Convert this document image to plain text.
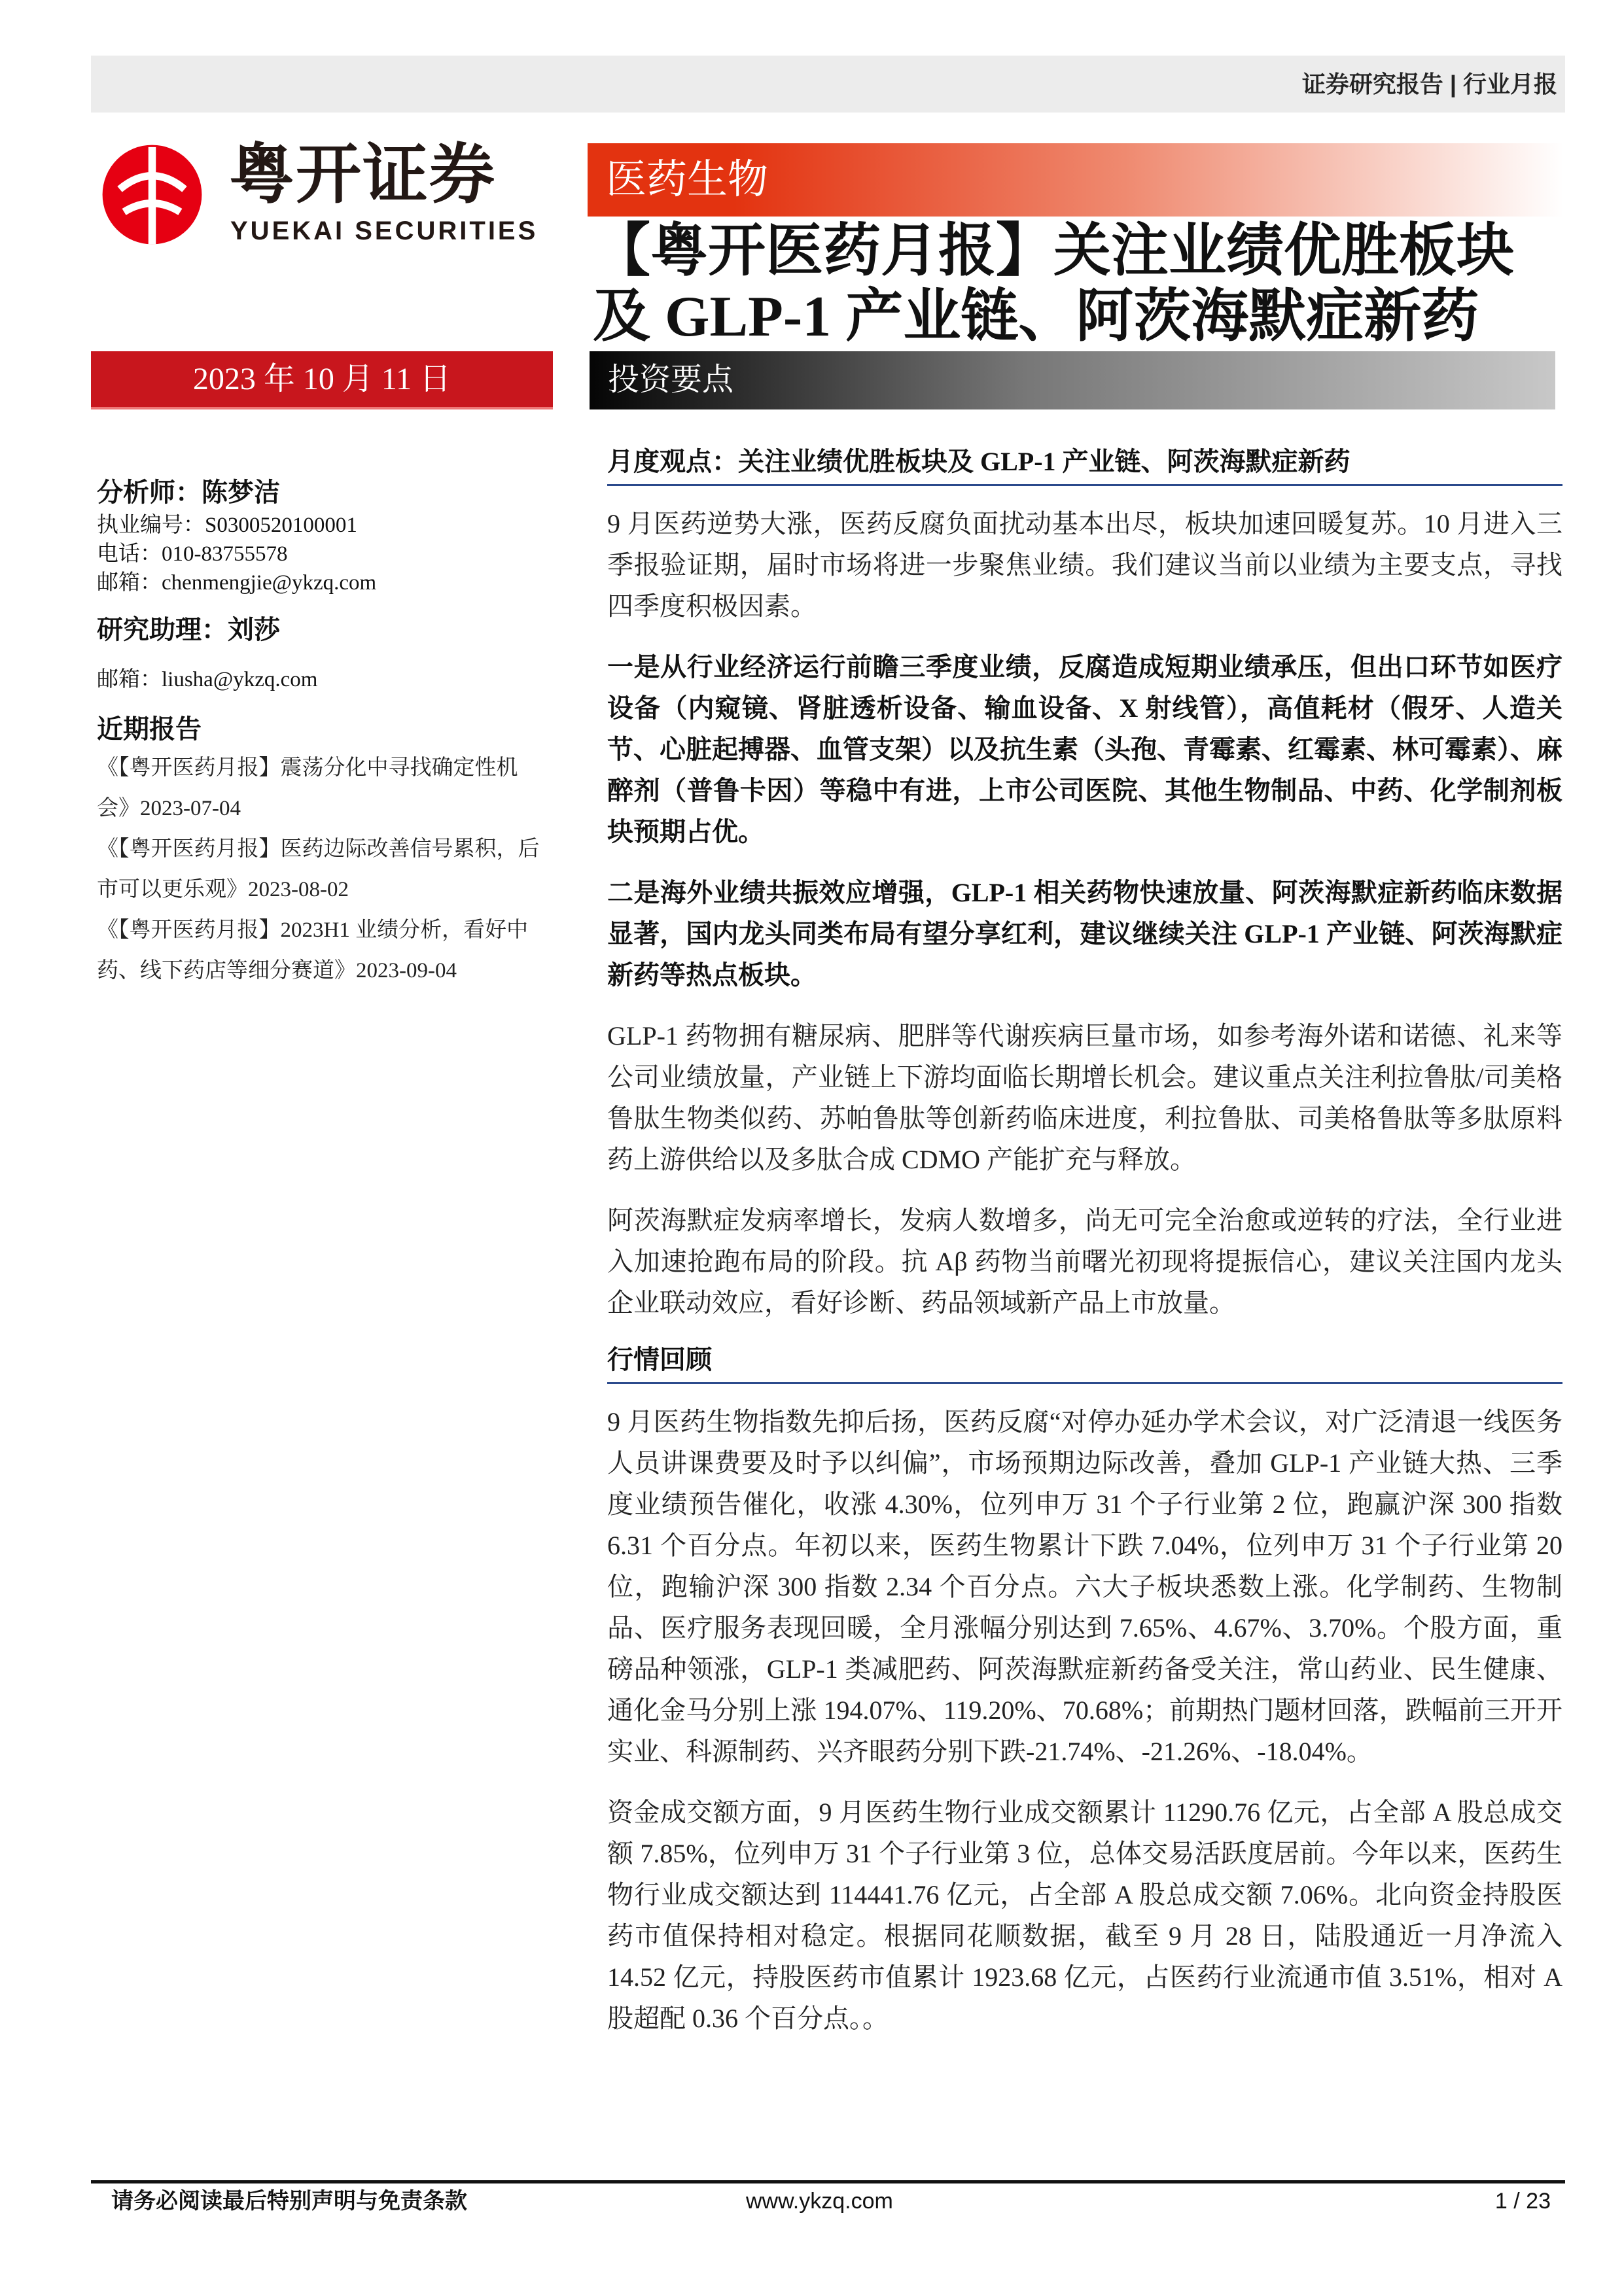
证券研究报告 | 行业月报
粤开证券
YUEKAI SECURITIES
医药生物
【粤开医药月报】关注业绩优胜板块及 GLP-1 产业链、阿茨海默症新药
2023 年 10 月 11 日	投资要点
分析师：陈梦洁
执业编号：S0300520100001
电话：010-83755578
邮箱：chenmengjie@ykzq.com
研究助理：刘莎
邮箱：liusha@ykzq.com
近期报告
《【粤开医药月报】震荡分化中寻找确定性机会》2023-07-04
《【粤开医药月报】医药边际改善信号累积，后市可以更乐观》2023-08-02
《【粤开医药月报】2023H1 业绩分析，看好中药、线下药店等细分赛道》2023-09-04
月度观点：关注业绩优胜板块及 GLP-1 产业链、阿茨海默症新药
9 月医药逆势大涨，医药反腐负面扰动基本出尽，板块加速回暖复苏。10 月进入三季报验证期，届时市场将进一步聚焦业绩。我们建议当前以业绩为主要支点，寻找四季度积极因素。
一是从行业经济运行前瞻三季度业绩，反腐造成短期业绩承压，但出口环节如医疗设备（内窥镜、肾脏透析设备、输血设备、X 射线管），高值耗材（假牙、人造关节、心脏起搏器、血管支架）以及抗生素（头孢、青霉素、红霉素、林可霉素）、麻醉剂（普鲁卡因）等稳中有进，上市公司医院、其他生物制品、中药、化学制剂板块预期占优。
二是海外业绩共振效应增强，GLP-1 相关药物快速放量、阿茨海默症新药临床数据显著，国内龙头同类布局有望分享红利，建议继续关注 GLP-1 产业链、阿茨海默症新药等热点板块。
GLP-1 药物拥有糖尿病、肥胖等代谢疾病巨量市场，如参考海外诺和诺德、礼来等公司业绩放量，产业链上下游均面临长期增长机会。建议重点关注利拉鲁肽/司美格鲁肽生物类似药、苏帕鲁肽等创新药临床进度，利拉鲁肽、司美格鲁肽等多肽原料药上游供给以及多肽合成 CDMO 产能扩充与释放。
阿茨海默症发病率增长，发病人数增多，尚无可完全治愈或逆转的疗法，全行业进入加速抢跑布局的阶段。抗 Aβ 药物当前曙光初现将提振信心，建议关注国内龙头企业联动效应，看好诊断、药品领域新产品上市放量。
行情回顾
9 月医药生物指数先抑后扬，医药反腐“对停办延办学术会议，对广泛清退一线医务人员讲课费要及时予以纠偏”，市场预期边际改善，叠加 GLP-1 产业链大热、三季度业绩预告催化，收涨 4.30%，位列申万 31 个子行业第 2 位，跑赢沪深 300 指数 6.31 个百分点。年初以来，医药生物累计下跌 7.04%，位列申万 31 个子行业第 20 位，跑输沪深 300 指数 2.34 个百分点。六大子板块悉数上涨。化学制药、生物制品、医疗服务表现回暖，全月涨幅分别达到 7.65%、4.67%、3.70%。个股方面，重磅品种领涨，GLP-1 类减肥药、阿茨海默症新药备受关注，常山药业、民生健康、通化金马分别上涨 194.07%、119.20%、70.68%；前期热门题材回落，跌幅前三开开实业、科源制药、兴齐眼药分别下跌-21.74%、-21.26%、-18.04%。
资金成交额方面，9 月医药生物行业成交额累计 11290.76 亿元，占全部 A 股总成交额 7.85%，位列申万 31 个子行业第 3 位，总体交易活跃度居前。今年以来，医药生物行业成交额达到 114441.76 亿元，占全部 A 股总成交额 7.06%。北向资金持股医药市值保持相对稳定。根据同花顺数据，截至 9 月 28 日，陆股通近一月净流入 14.52 亿元，持股医药市值累计 1923.68 亿元，占医药行业流通市值 3.51%，相对 A 股超配 0.36 个百分点。。
请务必阅读最后特别声明与免责条款	www.ykzq.com	1 / 23
